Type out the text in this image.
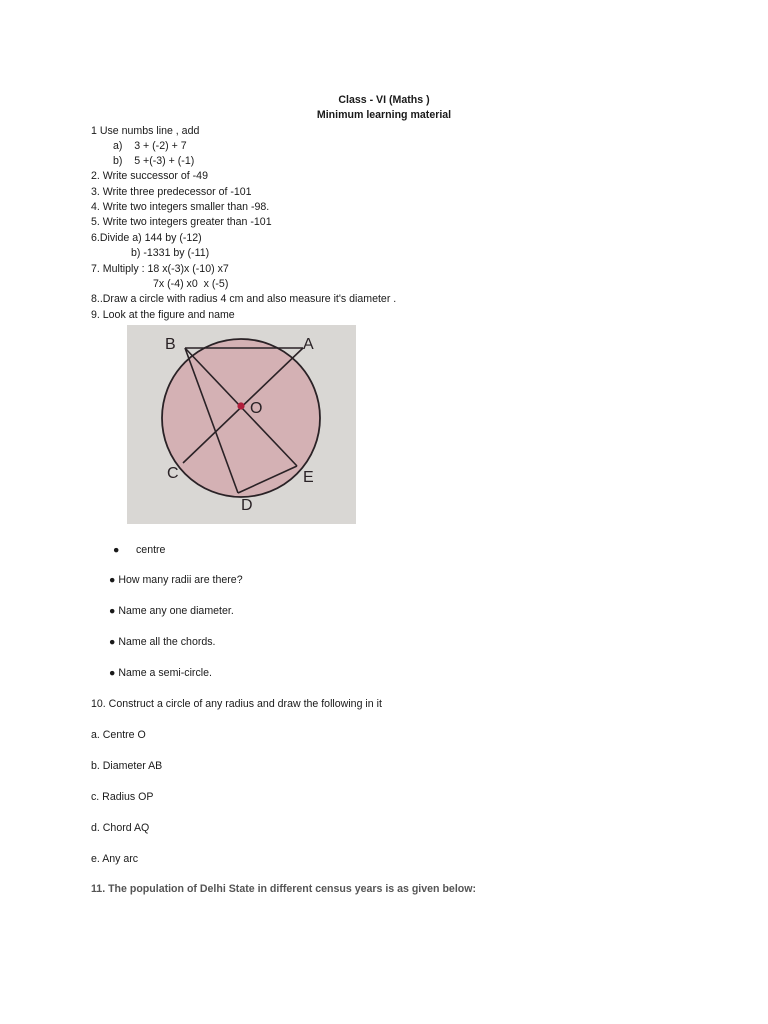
Class - VI (Maths )
Minimum learning material
1 Use numbs line , add
a)    3 + (-2) + 7
b)    5 +(-3) + (-1)
2. Write successor of -49
3. Write three predecessor of -101
4. Write two integers smaller than -98.
5. Write two integers greater than -101
6.Divide a) 144 by (-12)
b) -1331 by (-11)
7. Multiply : 18 x(-3)x (-10) x7
7x (-4) x0  x (-5)
8..Draw a circle with radius 4 cm and also measure it's diameter .
9. Look at the figure and name
B	A
O
C	E
D
● centre
● How many radii are there?
● Name any one diameter.
● Name all the chords.
● Name a semi-circle.
10. Construct a circle of any radius and draw the following in it
a. Centre O
b. Diameter AB
c. Radius OP
d. Chord AQ
e. Any arc
11. The population of Delhi State in different census years is as given below:
